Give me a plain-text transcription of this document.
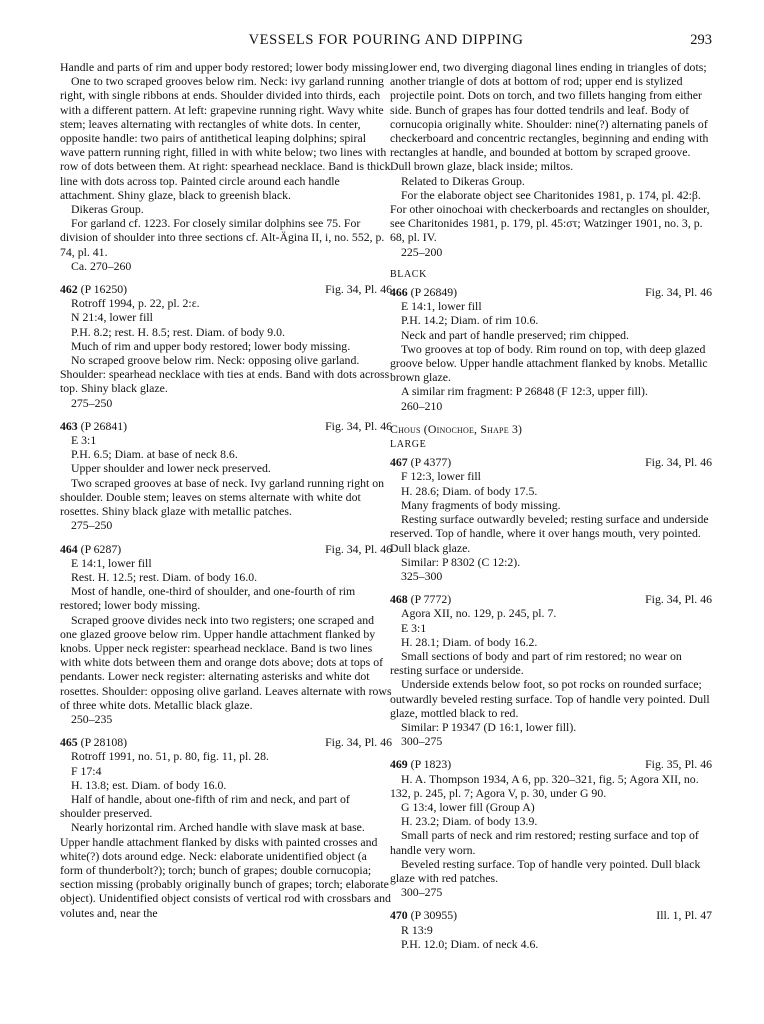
VESSELS FOR POURING AND DIPPING	293

Handle and parts of rim and upper body restored; lower body missing.

One to two scraped grooves below rim. Neck: ivy garland running right, with single ribbons at ends. Shoulder divided into thirds, each with a different pattern. At left: grapevine running right. Wavy white stem; leaves alternating with rectangles of white dots. In center, opposite handle: two pairs of antithetical leaping dolphins; spiral wave pattern running right, filled in with white below; two lines with row of dots between them. At right: spearhead necklace. Band is thick line with dots across top. Painted circle around each handle attachment. Shiny glaze, black to greenish black.

Dikeras Group.

For garland cf. 1223. For closely similar dolphins see 75. For division of shoulder into three sections cf. Alt-Ägina II, i, no. 552, p. 74, pl. 41.

Ca. 270–260

462 (P 16250)	Fig. 34, Pl. 46

Rotroff 1994, p. 22, pl. 2:ε.

N 21:4, lower fill

P.H. 8.2; rest. H. 8.5; rest. Diam. of body 9.0.

Much of rim and upper body restored; lower body missing.

No scraped groove below rim. Neck: opposing olive garland. Shoulder: spearhead necklace with ties at ends. Band with dots across top. Shiny black glaze.

275–250

463 (P 26841)	Fig. 34, Pl. 46

E 3:1

P.H. 6.5; Diam. at base of neck 8.6.

Upper shoulder and lower neck preserved.

Two scraped grooves at base of neck. Ivy garland running right on shoulder. Double stem; leaves on stems alternate with white dot rosettes. Shiny black glaze with metallic patches.

275–250

464 (P 6287)	Fig. 34, Pl. 46

E 14:1, lower fill

Rest. H. 12.5; rest. Diam. of body 16.0.

Most of handle, one-third of shoulder, and one-fourth of rim restored; lower body missing.

Scraped groove divides neck into two registers; one scraped and one glazed groove below rim. Upper handle attachment flanked by knobs. Upper neck register: spearhead necklace. Band is two lines with white dots between them and orange dots above; dots at tops of pendants. Lower neck register: alternating asterisks and white dot rosettes. Shoulder: opposing olive garland. Leaves alternate with rows of three white dots. Metallic black glaze.

250–235

465 (P 28108)	Fig. 34, Pl. 46

Rotroff 1991, no. 51, p. 80, fig. 11, pl. 28.

F 17:4

H. 13.8; est. Diam. of body 16.0.

Half of handle, about one-fifth of rim and neck, and part of shoulder preserved.

Nearly horizontal rim. Arched handle with slave mask at base. Upper handle attachment flanked by disks with painted crosses and white(?) dots around edge. Neck: elaborate unidentified object (a form of thunderbolt?); torch; bunch of grapes; double cornucopia; section missing (probably originally bunch of grapes; torch; elaborate object). Unidentified object consists of vertical rod with crossbars and volutes and, near the

lower end, two diverging diagonal lines ending in triangles of dots; another triangle of dots at bottom of rod; upper end is stylized projectile point. Dots on torch, and two fillets hanging from either side. Bunch of grapes has four dotted tendrils and leaf. Body of cornucopia originally white. Shoulder: nine(?) alternating panels of checkerboard and concentric rectangles, beginning and ending with rectangles at handle, and bounded at bottom by scraped groove. Dull brown glaze, black inside; miltos.

Related to Dikeras Group.

For the elaborate object see Charitonides 1981, p. 174, pl. 42:β. For other oinochoai with checkerboards and rectangles on shoulder, see Charitonides 1981, p. 179, pl. 45:στ; Watzinger 1901, no. 3, p. 68, pl. IV.

225–200

BLACK
466 (P 26849)	Fig. 34, Pl. 46

E 14:1, lower fill

P.H. 14.2; Diam. of rim 10.6.

Neck and part of handle preserved; rim chipped.

Two grooves at top of body. Rim round on top, with deep glazed groove below. Upper handle attachment flanked by knobs. Metallic brown glaze.

A similar rim fragment: P 26848 (F 12:3, upper fill).

260–210

Chous (Oinochoe, Shape 3)
LARGE
467 (P 4377)	Fig. 34, Pl. 46

F 12:3, lower fill

H. 28.6; Diam. of body 17.5.

Many fragments of body missing.

Resting surface outwardly beveled; resting surface and underside reserved. Top of handle, where it over hangs mouth, very pointed. Dull black glaze.

Similar: P 8302 (C 12:2).

325–300

468 (P 7772)	Fig. 34, Pl. 46

Agora XII, no. 129, p. 245, pl. 7.

E 3:1

H. 28.1; Diam. of body 16.2.

Small sections of body and part of rim restored; no wear on resting surface or underside.

Underside extends below foot, so pot rocks on rounded surface; outwardly beveled resting surface. Top of handle very pointed. Dull glaze, mottled black to red.

Similar: P 19347 (D 16:1, lower fill).

300–275

469 (P 1823)	Fig. 35, Pl. 46

H. A. Thompson 1934, A 6, pp. 320–321, fig. 5; Agora XII, no. 132, p. 245, pl. 7; Agora V, p. 30, under G 90.

G 13:4, lower fill (Group A)

H. 23.2; Diam. of body 13.9.

Small parts of neck and rim restored; resting surface and top of handle very worn.

Beveled resting surface. Top of handle very pointed. Dull black glaze with red patches.

300–275

470 (P 30955)	Ill. 1, Pl. 47

R 13:9

P.H. 12.0; Diam. of neck 4.6.
